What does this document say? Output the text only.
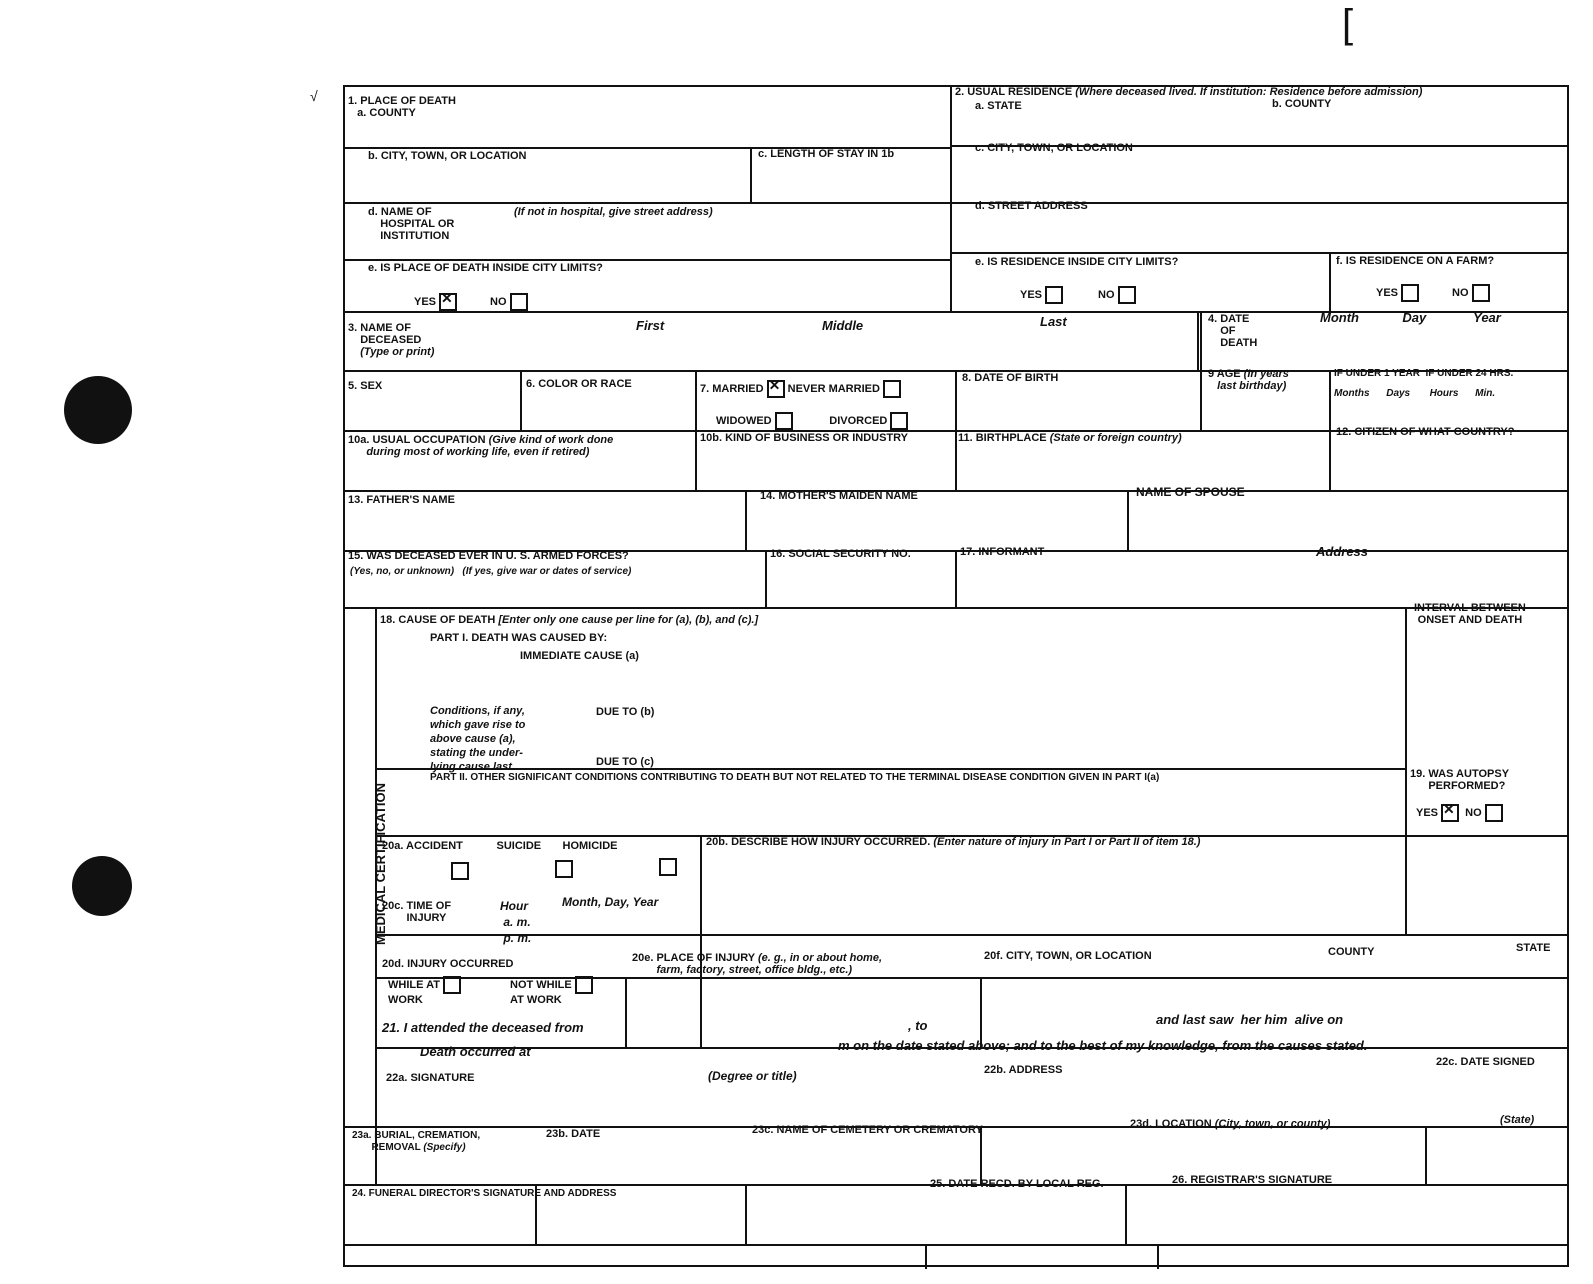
[
√	1. PLACE OF DEATH
a. COUNTY
b. CITY, TOWN, OR LOCATION	c. LENGTH OF STAY IN 1b
d. NAME OF
HOSPITAL OR
INSTITUTION
(If not in hospital, give street address)
e. IS PLACE OF DEATH INSIDE CITY LIMITS?
YES✕	NO
2. USUAL RESIDENCE (Where deceased lived. If institution: Residence before admission)
a. STATE	b. COUNTY
c. CITY, TOWN, OR LOCATION
d. STREET ADDRESS
e. IS RESIDENCE INSIDE CITY LIMITS?
YES	NO
f. IS RESIDENCE ON A FARM?
YES	NO
3. NAME OF
DECEASED
(Type or print)
First	Middle	Last	4. DATE
OF
DEATH
Month            Day             Year
5. SEX	6. COLOR OR RACE	7. MARRIED✕ NEVER MARRIED
WIDOWED            DIVORCED
8. DATE OF BIRTH	9 AGE (In years
last birthday)
IF UNDER 1 YEAR  IF UNDER 24 HRS.
Months      Days       Hours      Min.
10a. USUAL OCCUPATION (Give kind of work done
during most of working life, even if retired)
10b. KIND OF BUSINESS OR INDUSTRY	11. BIRTHPLACE (State or foreign country)	12. CITIZEN OF WHAT COUNTRY?
13. FATHER'S NAME	14. MOTHER'S MAIDEN NAME	NAME OF SPOUSE
15. WAS DECEASED EVER IN U. S. ARMED FORCES?
(Yes, no, or unknown)   (If yes, give war or dates of service)
16. SOCIAL SECURITY NO.	17. INFORMANT	Address
MEDICAL CERTIFICATION
18. CAUSE OF DEATH [Enter only one cause per line for (a), (b), and (c).]
INTERVAL BETWEEN
ONSET AND DEATH
PART I. DEATH WAS CAUSED BY:
IMMEDIATE CAUSE (a)
Conditions, if any,
which gave rise to
above cause (a),
stating the under-
lying cause last.
DUE TO (b)
DUE TO (c)
PART II. OTHER SIGNIFICANT CONDITIONS CONTRIBUTING TO DEATH BUT NOT RELATED TO THE TERMINAL DISEASE CONDITION GIVEN IN PART I(a)	19. WAS AUTOPSY
PERFORMED?
YES✕  NO
20a. ACCIDENT           SUICIDE       HOMICIDE	20b. DESCRIBE HOW INJURY OCCURRED. (Enter nature of injury in Part I or Part II of item 18.)
20c. TIME OF
INJURY
Hour
a. m.
p. m.
Month, Day, Year
20d. INJURY OCCURRED
WHILE AT
WORK
NOT WHILE
AT WORK
20e. PLACE OF INJURY (e. g., in or about home,
farm, factory, street, office bldg., etc.)
20f. CITY, TOWN, OR LOCATION	COUNTY	STATE
21. I attended the deceased from	, to	and last saw  her him  alive on
Death occurred at	m on the date stated above; and to the best of my knowledge, from the causes stated.
22a. SIGNATURE	(Degree or title)	22b. ADDRESS
22c. DATE SIGNED
23a. BURIAL, CREMATION,
REMOVAL (Specify)
23b. DATE	23c. NAME OF CEMETERY OR CREMATORY	23d. LOCATION (City, town, or county)	(State)
24. FUNERAL DIRECTOR'S SIGNATURE AND ADDRESS
25. DATE RECD. BY LOCAL REG.	26. REGISTRAR'S SIGNATURE
